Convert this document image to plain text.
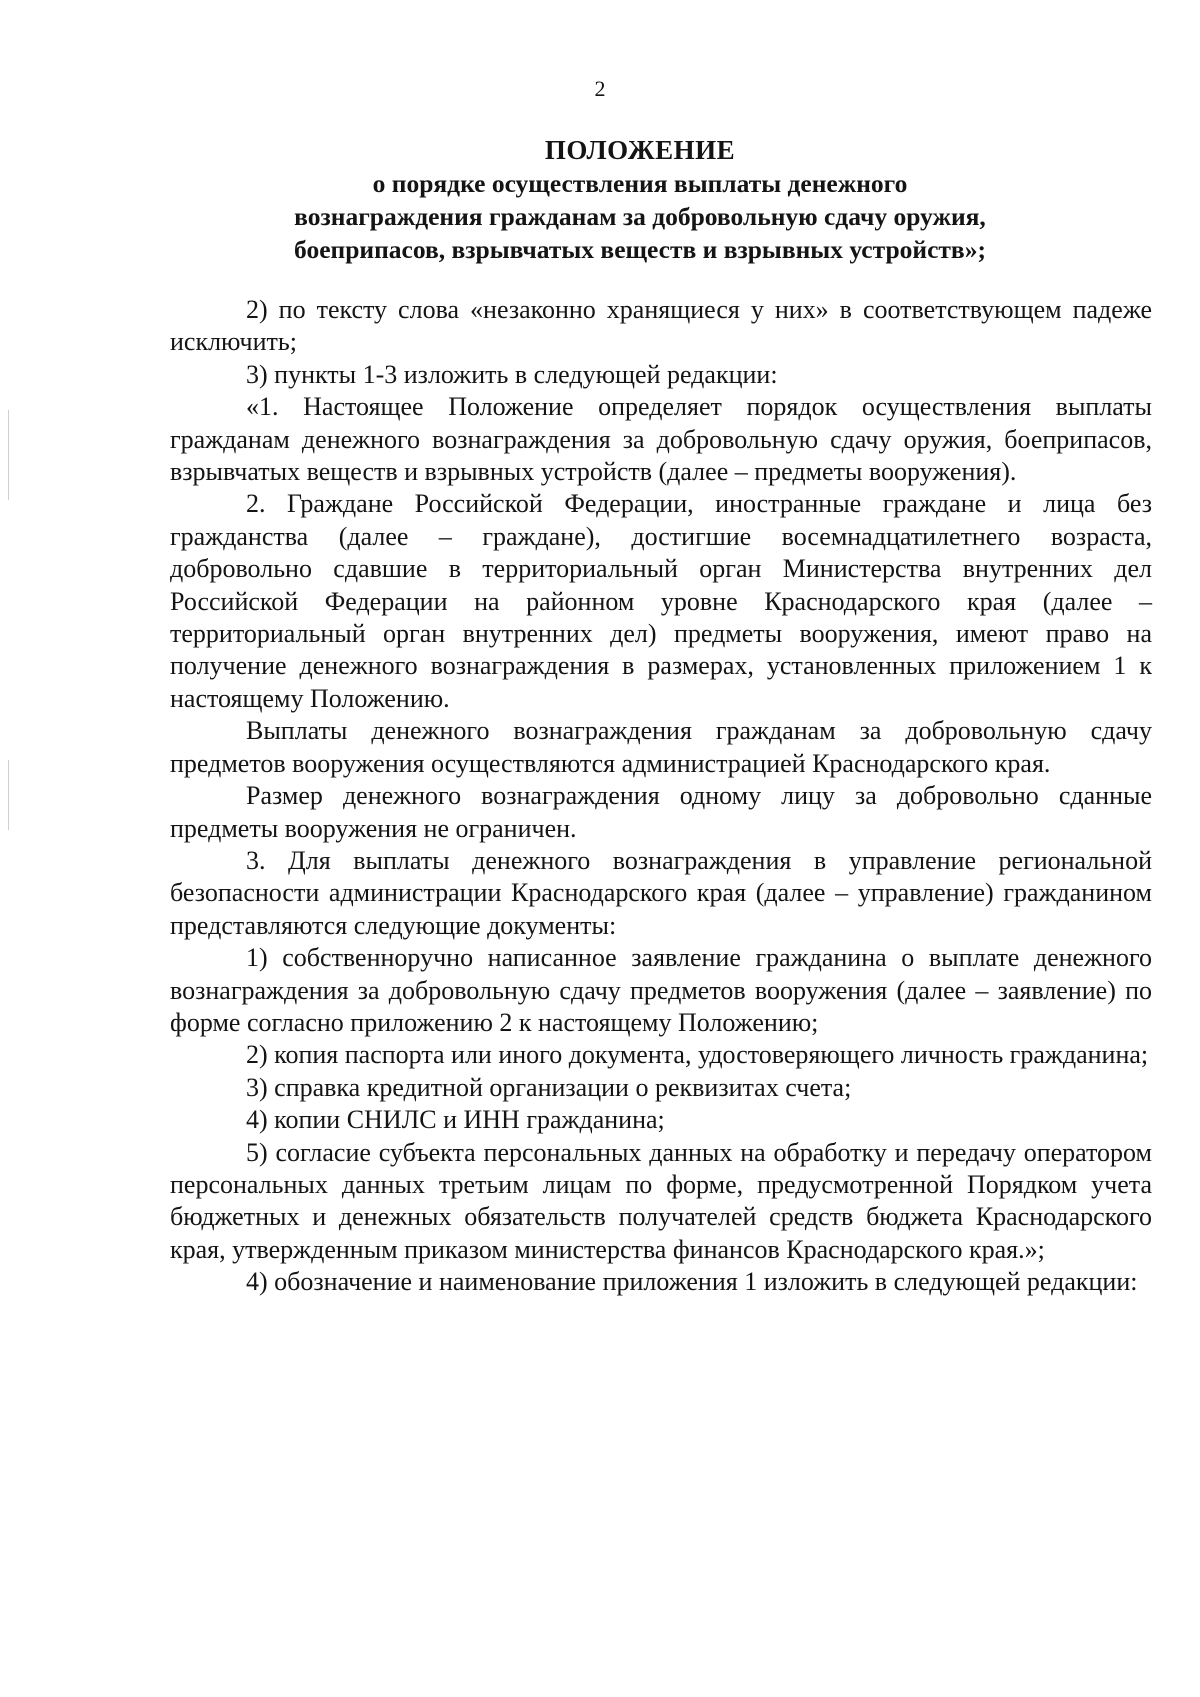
2
ПОЛОЖЕНИЕ
о порядке осуществления выплаты денежного
вознаграждения гражданам за добровольную сдачу оружия,
боеприпасов, взрывчатых веществ и взрывных устройств»;

2) по тексту слова «незаконно хранящиеся у них» в соответствующем падеже исключить;

3) пункты 1-3 изложить в следующей редакции:

«1. Настоящее Положение определяет порядок осуществления выплаты гражданам денежного вознаграждения за добровольную сдачу оружия, боеприпасов, взрывчатых веществ и взрывных устройств (далее – предметы вооружения).

2. Граждане Российской Федерации, иностранные граждане и лица без гражданства (далее – граждане), достигшие восемнадцатилетнего возраста, добровольно сдавшие в территориальный орган Министерства внутренних дел Российской Федерации на районном уровне Краснодарского края (далее – территориальный орган внутренних дел) предметы вооружения, имеют право на получение денежного вознаграждения в размерах, установленных приложением 1 к настоящему Положению.

Выплаты денежного вознаграждения гражданам за добровольную сдачу предметов вооружения осуществляются администрацией Краснодарского края.

Размер денежного вознаграждения одному лицу за добровольно сданные предметы вооружения не ограничен.

3. Для выплаты денежного вознаграждения в управление региональной безопасности администрации Краснодарского края (далее – управление) гражданином представляются следующие документы:

1) собственноручно написанное заявление гражданина о выплате денежного вознаграждения за добровольную сдачу предметов вооружения (далее – заявление) по форме согласно приложению 2 к настоящему Положению;

2) копия паспорта или иного документа, удостоверяющего личность гражданина;

3) справка кредитной организации о реквизитах счета;

4) копии СНИЛС и ИНН гражданина;

5) согласие субъекта персональных данных на обработку и передачу оператором персональных данных третьим лицам по форме, предусмотренной Порядком учета бюджетных и денежных обязательств получателей средств бюджета Краснодарского края, утвержденным приказом министерства финансов Краснодарского края.»;

4) обозначение и наименование приложения 1 изложить в следующей редакции:
